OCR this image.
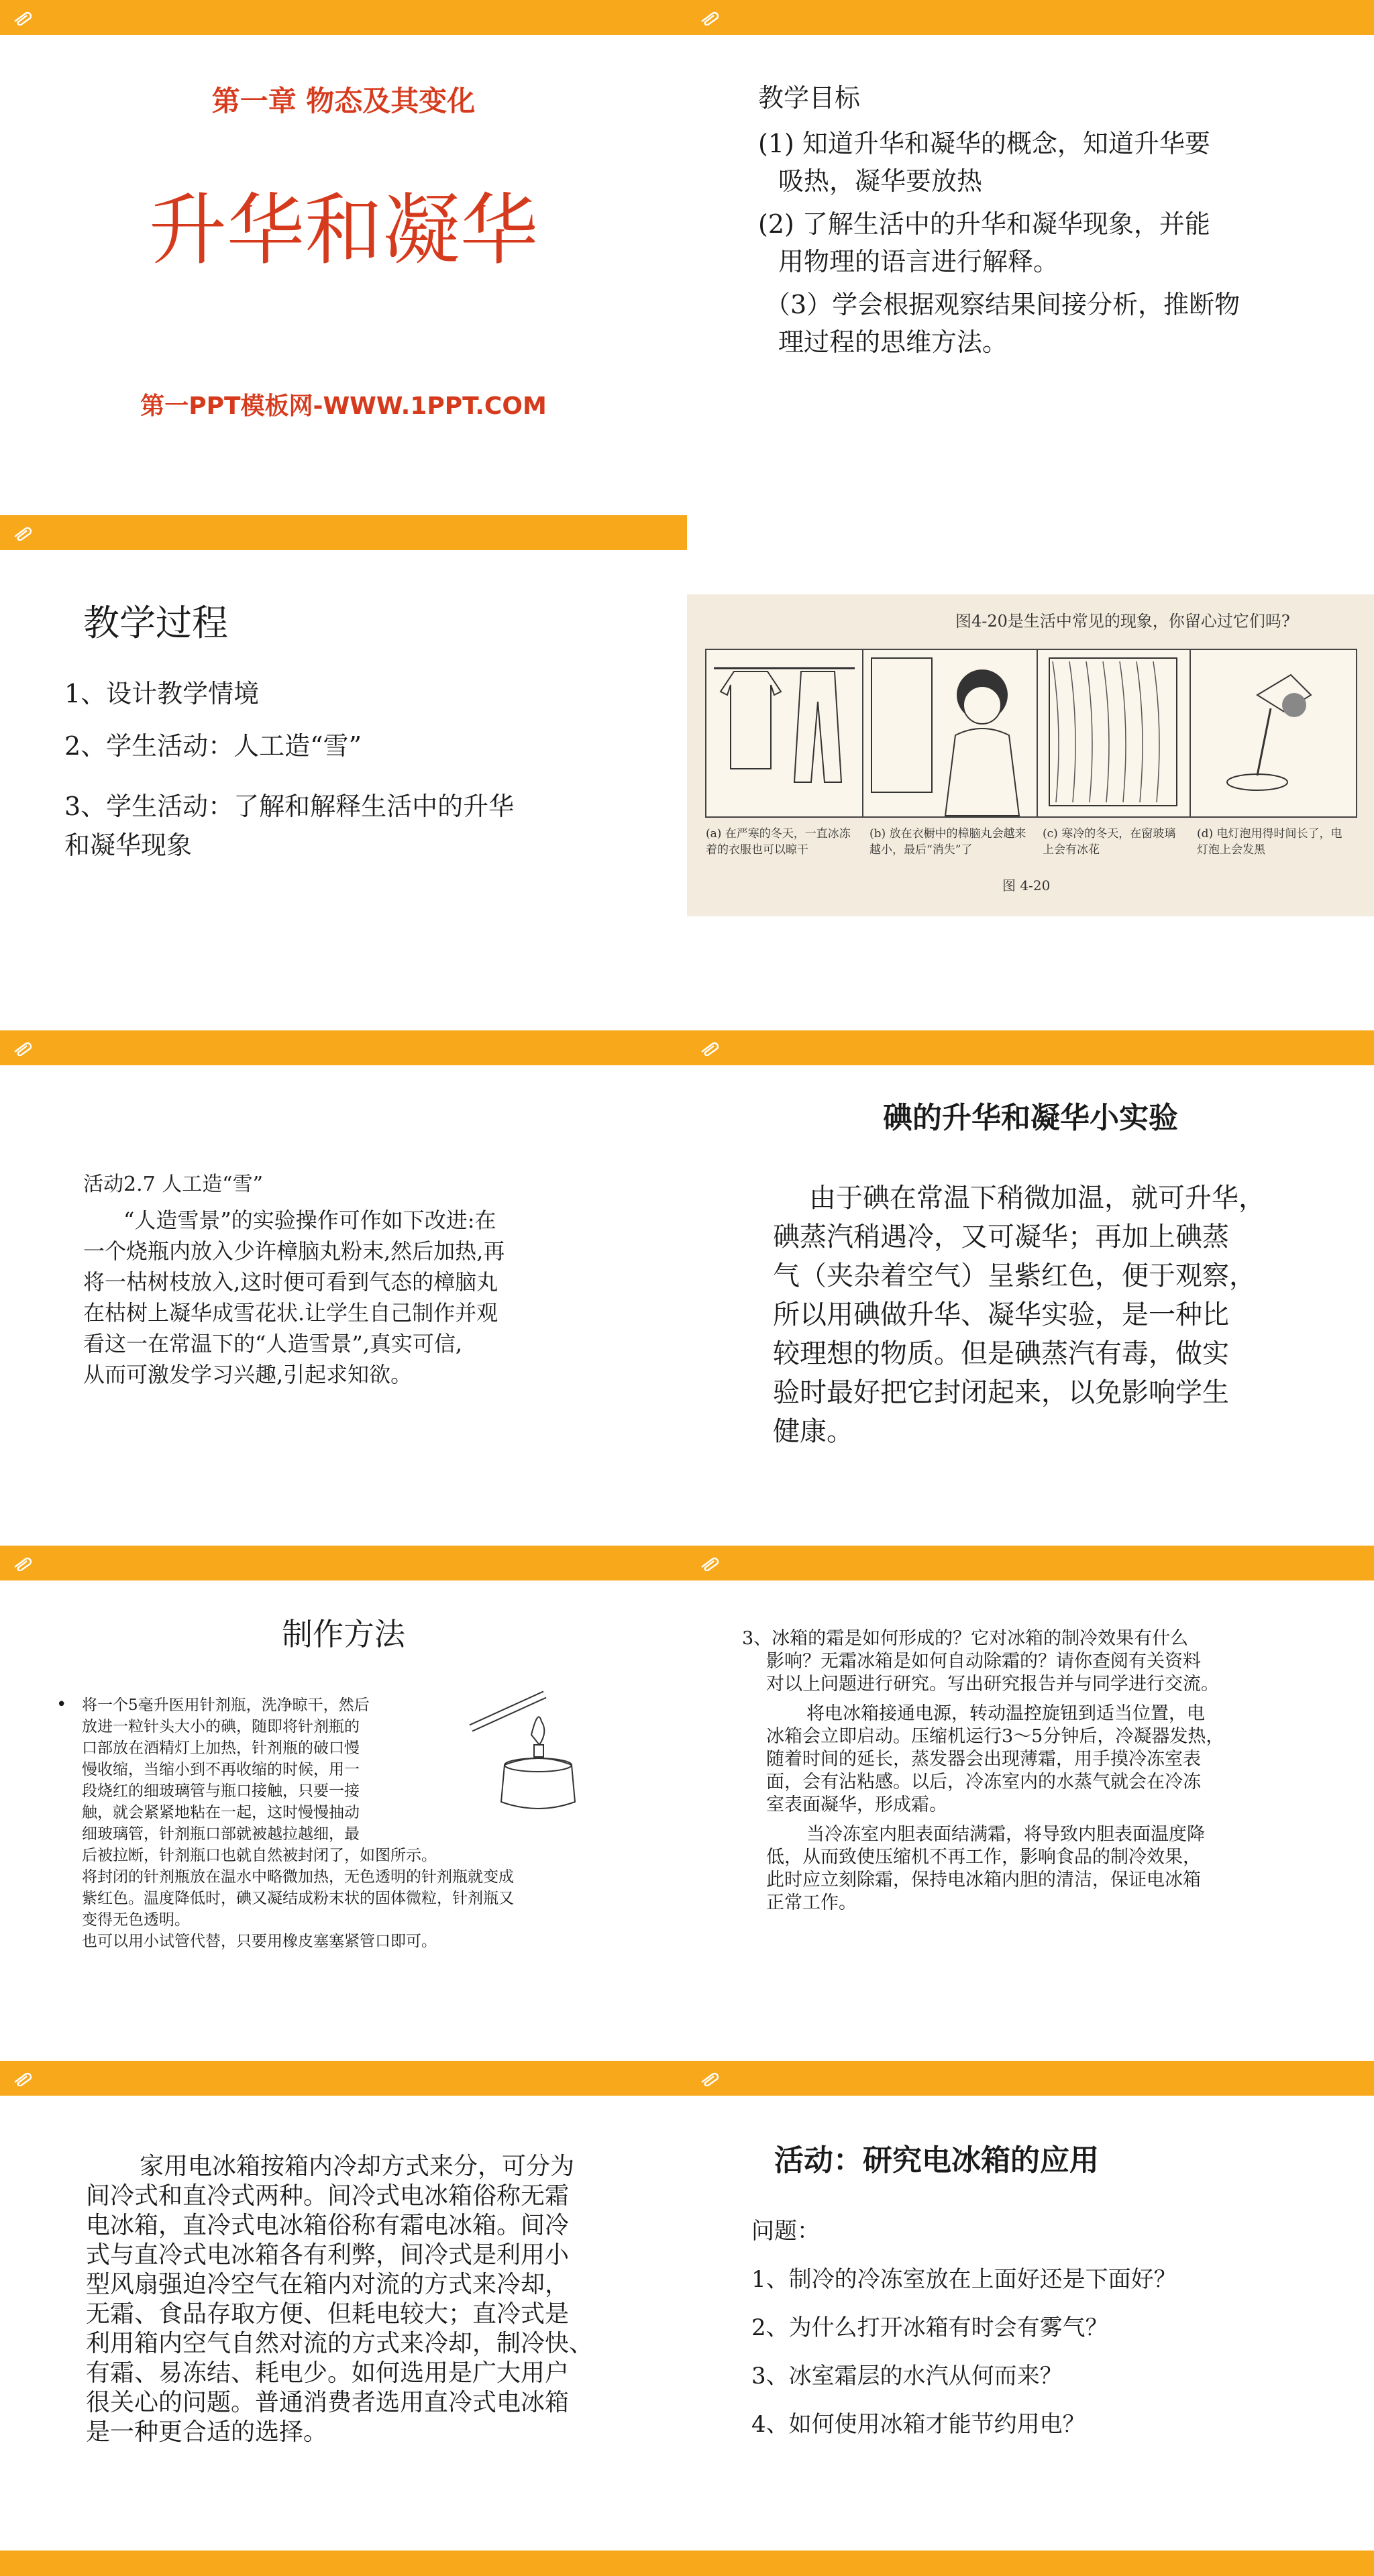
第一章 物态及其变化
升华和凝华
第一PPT模板网-WWW.1PPT.COM
教学目标
(1) 知道升华和凝华的概念，知道升华要
吸热，凝华要放热
(2) 了解生活中的升华和凝华现象，并能
用物理的语言进行解释。
（3）学会根据观察结果间接分析，推断物
理过程的思维方法。
教学过程
1、设计教学情境
2、学生活动：人工造“雪”
3、学生活动：了解和解释生活中的升华
和凝华现象
图4-20是生活中常见的现象，你留心过它们吗?
(a) 在严寒的冬天，一直冰冻着的衣服也可以晾干
(b) 放在衣橱中的樟脑丸会越来越小，最后“消失”了
(c) 寒冷的冬天，在窗玻璃上会有冰花
(d) 电灯泡用得时间长了，电灯泡上会发黑
图 4-20
活动2.7 人工造“雪”
“人造雪景”的实验操作可作如下改进:在
一个烧瓶内放入少许樟脑丸粉末,然后加热,再
将一枯树枝放入,这时便可看到气态的樟脑丸
在枯树上凝华成雪花状.让学生自己制作并观
看这一在常温下的“人造雪景”,真实可信,
从而可激发学习兴趣,引起求知欲。
碘的升华和凝华小实验
由于碘在常温下稍微加温，就可升华，
碘蒸汽稍遇冷，又可凝华；再加上碘蒸
气（夹杂着空气）呈紫红色，便于观察，
所以用碘做升华、凝华实验，是一种比
较理想的物质。但是碘蒸汽有毒，做实
验时最好把它封闭起来，以免影响学生
健康。
制作方法
• 将一个5毫升医用针剂瓶，洗净晾干，然后
放进一粒针头大小的碘，随即将针剂瓶的
口部放在酒精灯上加热，针剂瓶的破口慢
慢收缩，当缩小到不再收缩的时候，用一
段烧红的细玻璃管与瓶口接触，只要一接
触，就会紧紧地粘在一起，这时慢慢抽动
细玻璃管，针剂瓶口部就被越拉越细，最
后被拉断，针剂瓶口也就自然被封闭了，如图所示。
将封闭的针剂瓶放在温水中略微加热，无色透明的针剂瓶就变成
紫红色。温度降低时，碘又凝结成粉末状的固体微粒，针剂瓶又
变得无色透明。
也可以用小试管代替，只要用橡皮塞塞紧管口即可。
3、冰箱的霜是如何形成的？它对冰箱的制冷效果有什么
影响？无霜冰箱是如何自动除霜的？请你查阅有关资料
对以上问题进行研究。写出研究报告并与同学进行交流。
将电冰箱接通电源，转动温控旋钮到适当位置，电
冰箱会立即启动。压缩机运行3～5分钟后，冷凝器发热，
随着时间的延长，蒸发器会出现薄霜，用手摸冷冻室表
面，会有沾粘感。以后，冷冻室内的水蒸气就会在冷冻
室表面凝华，形成霜。
当冷冻室内胆表面结满霜，将导致内胆表面温度降
低，从而致使压缩机不再工作，影响食品的制冷效果，
此时应立刻除霜，保持电冰箱内胆的清洁，保证电冰箱
正常工作。
家用电冰箱按箱内冷却方式来分，可分为
间冷式和直冷式两种。间冷式电冰箱俗称无霜
电冰箱，直冷式电冰箱俗称有霜电冰箱。间冷
式与直冷式电冰箱各有利弊，间冷式是利用小
型风扇强迫冷空气在箱内对流的方式来冷却，
无霜、食品存取方便、但耗电较大；直冷式是
利用箱内空气自然对流的方式来冷却，制冷快、
有霜、易冻结、耗电少。如何选用是广大用户
很关心的问题。普通消费者选用直冷式电冰箱
是一种更合适的选择。
活动：研究电冰箱的应用
问题：
1、制冷的冷冻室放在上面好还是下面好？
2、为什么打开冰箱有时会有雾气？
3、冰室霜层的水汽从何而来？
4、如何使用冰箱才能节约用电？
